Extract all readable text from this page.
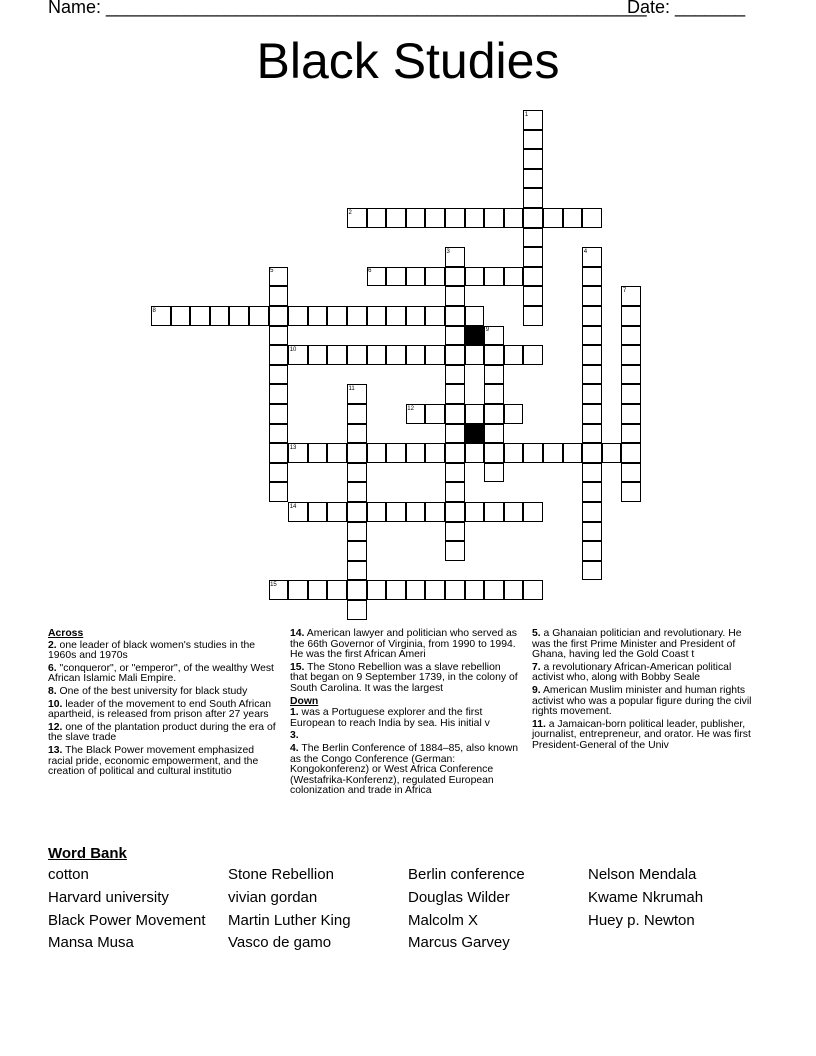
Name: ______________________________________________________
Date: _______
Black Studies
1
2
3	4
5	6
7
8
9
10
11
12
13
14
15

Across

2. one leader of black women's studies in the 1960s and 1970s

6. "conqueror", or "emperor", of the wealthy West African Islamic Mali Empire.

8. One of the best university for black study

10. leader of the movement to end South African apartheid, is released from prison after 27 years

12. one of the plantation product during the era of the slave trade

13. The Black Power movement emphasized racial pride, economic empowerment, and the creation of political and cultural institutio

14. American lawyer and politician who served as the 66th Governor of Virginia, from 1990 to 1994. He was the first African Ameri

15. The Stono Rebellion was a slave rebellion that began on 9 September 1739, in the colony of South Carolina. It was the largest

Down

1. was a Portuguese explorer and the first European to reach India by sea. His initial v

3.

4. The Berlin Conference of 1884–85, also known as the Congo Conference (German: Kongokonferenz) or West Africa Conference (Westafrika-Konferenz), regulated European colonization and trade in Africa

5. a Ghanaian politician and revolutionary. He was the first Prime Minister and President of Ghana, having led the Gold Coast t

7. a revolutionary African-American political activist who, along with Bobby Seale

9. American Muslim minister and human rights activist who was a popular figure during the civil rights movement.

11. a Jamaican-born political leader, publisher, journalist, entrepreneur, and orator. He was first President-General of the Univ

Word Bank
cotton
Harvard university
Black Power Movement
Mansa Musa
Stone Rebellion
vivian gordan
Martin Luther King
Vasco de gamo
Berlin conference
Douglas Wilder
Malcolm X
Marcus Garvey
Nelson Mendala
Kwame Nkrumah
Huey p. Newton
